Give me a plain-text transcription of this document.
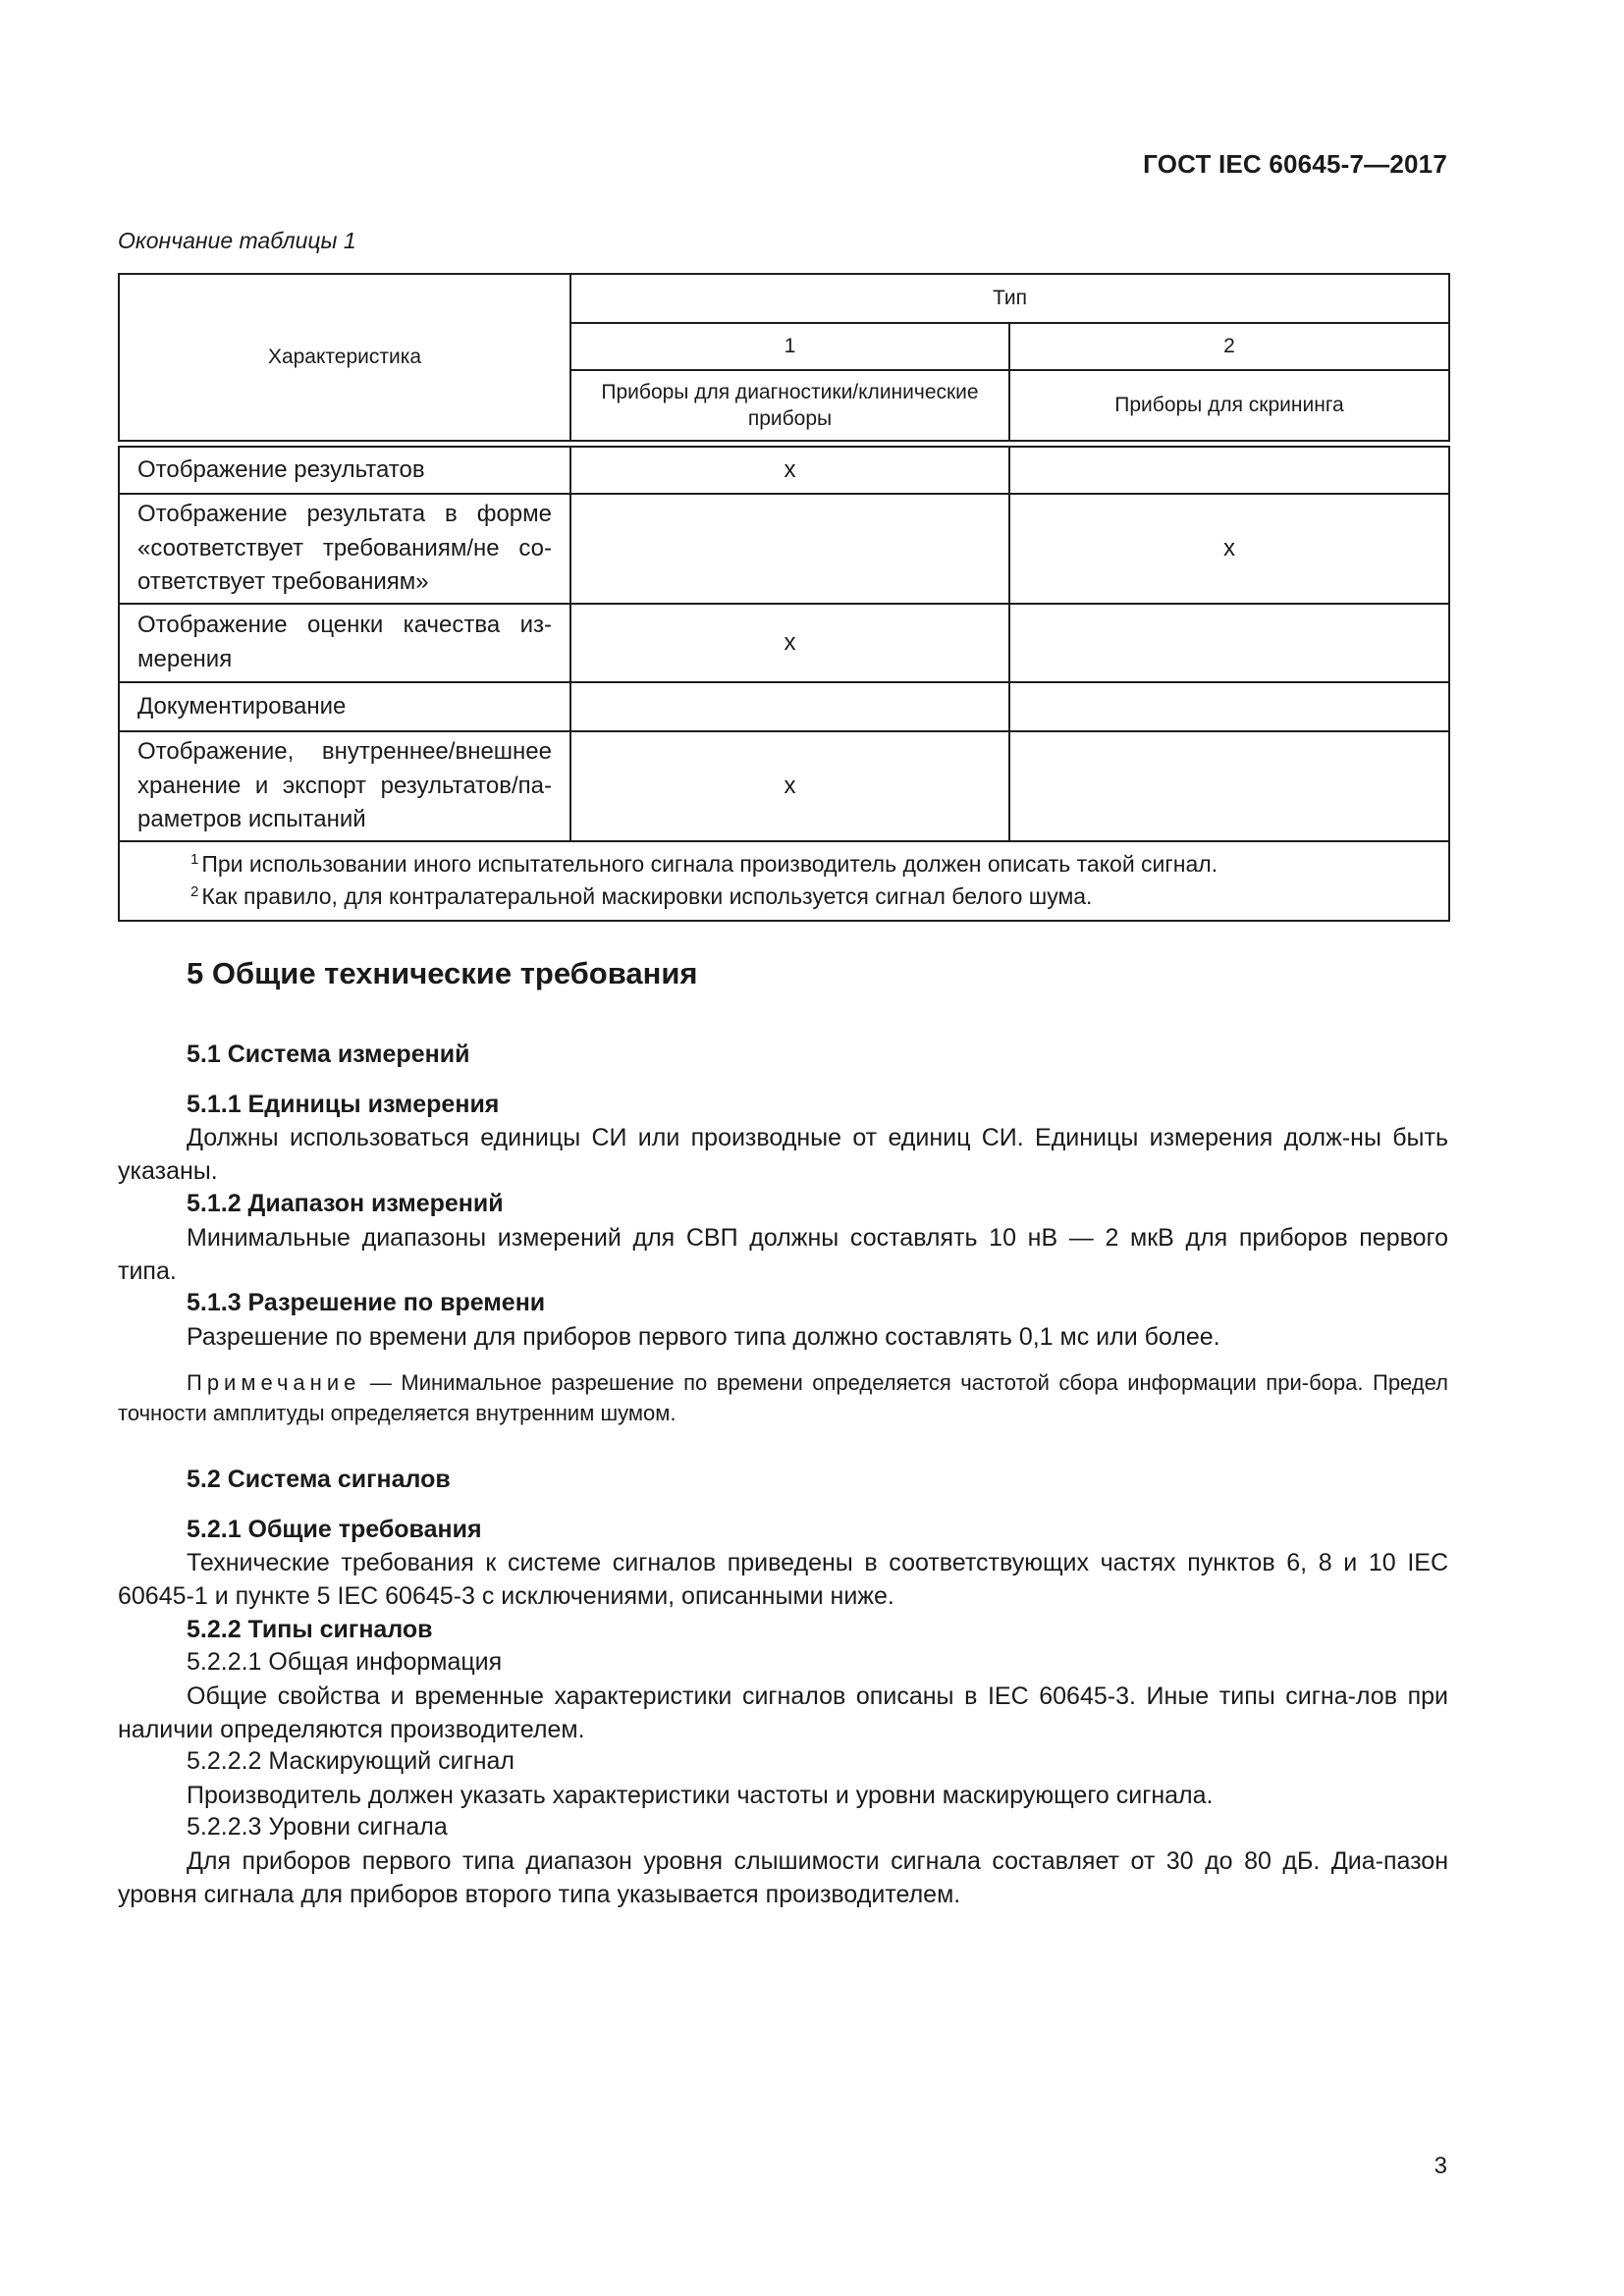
ГОСТ IEC 60645-7—2017
Окончание таблицы 1
Характеристика	Тип	
	1	2
	Приборы для диагностики/клинические приборы	Приборы для скрининга

Отображение результатов	x	
Отображение результата в форме «соответствует требованиям/не со-ответствует требованиям»		x
Отображение оценки качества из-мерения	x	
Документирование		
Отображение, внутреннее/внешнее хранение и экспорт результатов/па-раметров испытаний	x	

$^1$ При использовании иного испытательного сигнала производитель должен описать такой сигнал.
$^2$ Как правило, для контралатеральной маскировки используется сигнал белого шума.		
5 Общие технические требования
5.1 Система измерений
5.1.1 Единицы измерения
Должны использоваться единицы СИ или производные от единиц СИ. Единицы измерения долж-ны быть указаны.
5.1.2 Диапазон измерений
Минимальные диапазоны измерений для СВП должны составлять 10 нВ — 2 мкВ для приборов первого типа.
5.1.3 Разрешение по времени
Разрешение по времени для приборов первого типа должно составлять 0,1 мс или более.
Примечание — Минимальное разрешение по времени определяется частотой сбора информации при-бора. Предел точности амплитуды определяется внутренним шумом.
5.2 Система сигналов
5.2.1 Общие требования
Технические требования к системе сигналов приведены в соответствующих частях пунктов 6, 8 и 10 IEC 60645-1 и пункте 5 IEC 60645-3 с исключениями, описанными ниже.
5.2.2 Типы сигналов
5.2.2.1 Общая информация
Общие свойства и временные характеристики сигналов описаны в IEC 60645-3. Иные типы сигна-лов при наличии определяются производителем.
5.2.2.2 Маскирующий сигнал
Производитель должен указать характеристики частоты и уровни маскирующего сигнала.
5.2.2.3 Уровни сигнала
Для приборов первого типа диапазон уровня слышимости сигнала составляет от 30 до 80 дБ. Диа-пазон уровня сигнала для приборов второго типа указывается производителем.
3
